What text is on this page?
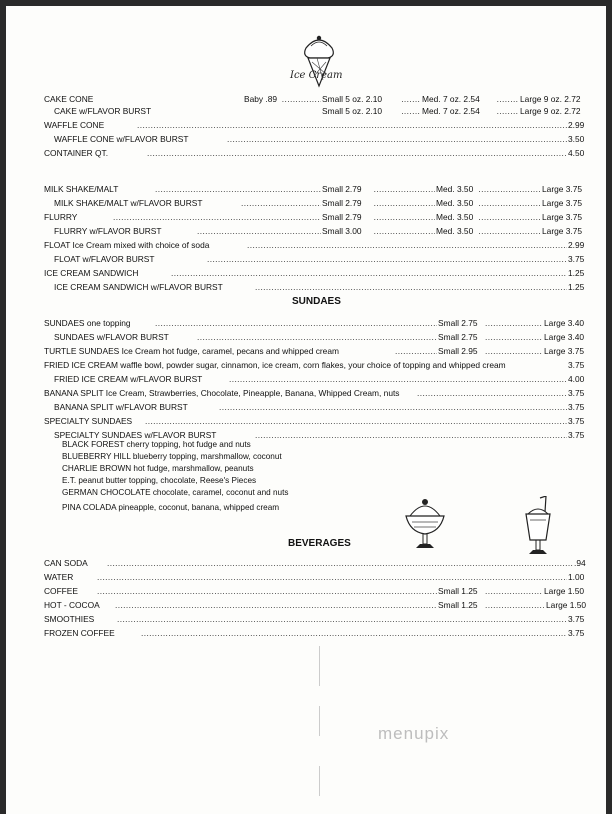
Ice Cream
CAKE CONE	Baby .89 .....	Small 5 oz. 2.10 .....	Med. 7 oz. 2.54 .....	Large 9 oz. 2.72
CAKE w/FLAVOR BURST	Small 5 oz. 2.10 .....	Med. 7 oz. 2.54 .....	Large 9 oz. 2.72
WAFFLE CONE .....	2.99
WAFFLE CONE w/FLAVOR BURST .....	3.50
CONTAINER QT. .....	4.50
MILK SHAKE/MALT .....	Small 2.79 .....	Med. 3.50 .....	Large 3.75
MILK SHAKE/MALT w/FLAVOR BURST .....	Small 2.79 .....	Med. 3.50 .....	Large 3.75
FLURRY .....	Small 2.79 .....	Med. 3.50 .....	Large 3.75
FLURRY w/FLAVOR BURST .....	Small 3.00 .....	Med. 3.50 .....	Large 3.75
FLOAT Ice Cream mixed with choice of soda .....	2.99
FLOAT w/FLAVOR BURST .....	3.75
ICE CREAM SANDWICH .....	1.25
ICE CREAM SANDWICH w/FLAVOR BURST .....	1.25
SUNDAES one topping .....	Small 2.75 .....	Large 3.40
SUNDAES w/FLAVOR BURST .....	Small 2.75 .....	Large 3.40
TURTLE SUNDAES Ice Cream hot fudge, caramel, pecans and whipped cream .....	Small 2.95 .....	Large 3.75
FRIED ICE CREAM waffle bowl, powder sugar, cinnamon, ice cream, corn flakes, your choice of topping and whipped cream	3.75
FRIED ICE CREAM w/FLAVOR BURST .....	4.00
BANANA SPLIT Ice Cream, Strawberries, Chocolate, Pineapple, Banana, Whipped Cream, nuts .....	3.75
BANANA SPLIT w/FLAVOR BURST .....	3.75
SPECIALTY SUNDAES .....	3.75
SPECIALTY SUNDAES w/FLAVOR BURST .....	3.75
CAN SODA .....	.94
WATER .....	1.00
COFFEE .....	Small 1.25 .....	Large 1.50
HOT - COCOA .....	Small 1.25 .....	Large 1.50
SMOOTHIES .....	3.75
FROZEN COFFEE .....	3.75
SUNDAES
BEVERAGES
BLACK FOREST cherry topping, hot fudge and nuts
BLUEBERRY HILL blueberry topping, marshmallow, coconut
CHARLIE BROWN hot fudge, marshmallow, peanuts
E.T. peanut butter topping, chocolate, Reese's Pieces
GERMAN CHOCOLATE chocolate, caramel, coconut and nuts
PINA COLADA pineapple, coconut, banana, whipped cream
menupix
